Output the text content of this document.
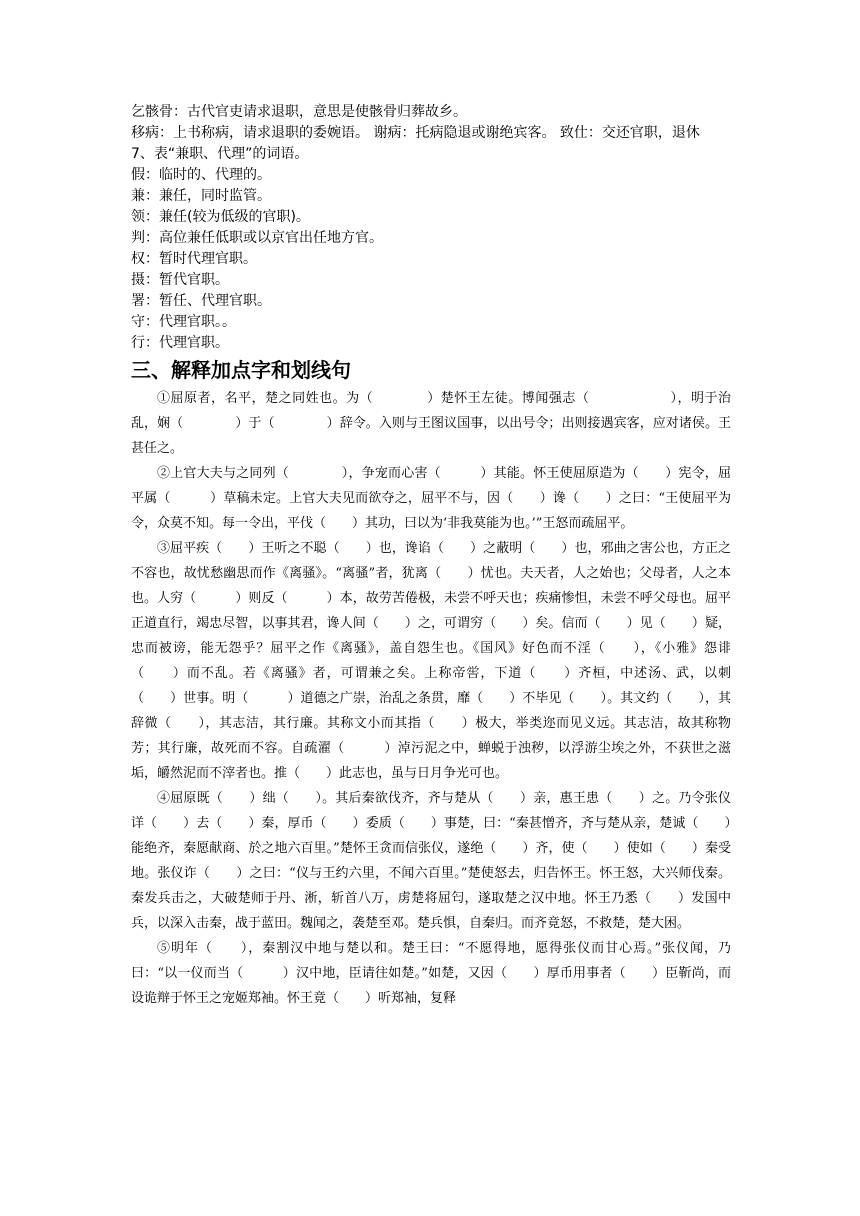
乞骸骨：古代官吏请求退职，意思是使骸骨归葬故乡。
移病：上书称病，请求退职的委婉语。 谢病：托病隐退或谢绝宾客。 致仕：交还官职，退休
7、表“兼职、代理”的词语。
假：临时的、代理的。
兼：兼任，同时监管。
领：兼任(较为低级的官职)。
判：高位兼任低职或以京官出任地方官。
权：暂时代理官职。
摄：暂代官职。
署：暂任、代理官职。
守：代理官职。。
行：代理官职。
三、解释加点字和划线句

①屈原者，名平，楚之同姓也。为（　　　　）楚怀王左徒。博闻强志（　　　　　　），明于治乱，娴（　　　　）于（　　　　）辞令。入则与王图议国事，以出号令；出则接遇宾客，应对诸侯。王甚任之。

②上官大夫与之同列（　　　　），争宠而心害（　　　）其能。怀王使屈原造为（　　）宪令，屈平属（　　　）草稿未定。上官大夫见而欲夺之，屈平不与，因（　　）谗（　　）之曰：“王使屈平为令，众莫不知。每一令出，平伐（　　）其功，曰以为‘非我莫能为也。’”王怒而疏屈平。

③屈平疾（　　）王听之不聪（　　）也，谗谄（　　）之蔽明（　　）也，邪曲之害公也，方正之不容也，故忧愁幽思而作《离骚》。“离骚”者，犹离（　　）忧也。夫天者，人之始也；父母者，人之本也。人穷（　　　）则反（　　　）本，故劳苦倦极，未尝不呼天也；疾痛惨怛，未尝不呼父母也。屈平正道直行，竭忠尽智，以事其君，谗人间（　　）之，可谓穷（　　）矣。信而（　　）见（　　）疑，忠而被谤，能无怨乎？屈平之作《离骚》，盖自怨生也。《国风》好色而不淫（　　），《小雅》怨诽（　　）而不乱。若《离骚》者，可谓兼之矣。上称帝喾，下道（　　）齐桓，中述汤、武，以刺（　　）世事。明（　　　）道德之广崇，治乱之条贯，靡（　　）不毕见（　　）。其文约（　　），其辞微（　　），其志洁，其行廉。其称文小而其指（　　）极大，举类迩而见义远。其志洁，故其称物芳；其行廉，故死而不容。自疏濯（　　　）淖污泥之中，蝉蜕于浊秽，以浮游尘埃之外，不获世之滋垢，皭然泥而不滓者也。推（　　）此志也，虽与日月争光可也。

④屈原既（　　）绌（　　）。其后秦欲伐齐，齐与楚从（　　）亲，惠王患（　　）之。乃令张仪详（　　）去（　　）秦，厚币（　　）委质（　　）事楚，曰：“秦甚憎齐，齐与楚从亲，楚诚（　　）能绝齐，秦愿献商、於之地六百里。”楚怀王贪而信张仪，遂绝（　　）齐，使（　　）使如（　　）秦受地。张仪诈（　　）之曰：“仪与王约六里，不闻六百里。”楚使怒去，归告怀王。怀王怒，大兴师伐秦。秦发兵击之，大破楚师于丹、淅，斩首八万，虏楚将屈匄，遂取楚之汉中地。怀王乃悉（　　）发国中兵，以深入击秦，战于蓝田。魏闻之，袭楚至邓。楚兵惧，自秦归。而齐竟怒，不救楚，楚大困。

⑤明年（　　），秦割汉中地与楚以和。楚王曰：“不愿得地，愿得张仪而甘心焉。”张仪闻，乃曰：“以一仪而当（　　　）汉中地，臣请往如楚。”如楚，又因（　　）厚币用事者（　　）臣靳尚，而设诡辩于怀王之宠姬郑袖。怀王竟（　　）听郑袖，复释
